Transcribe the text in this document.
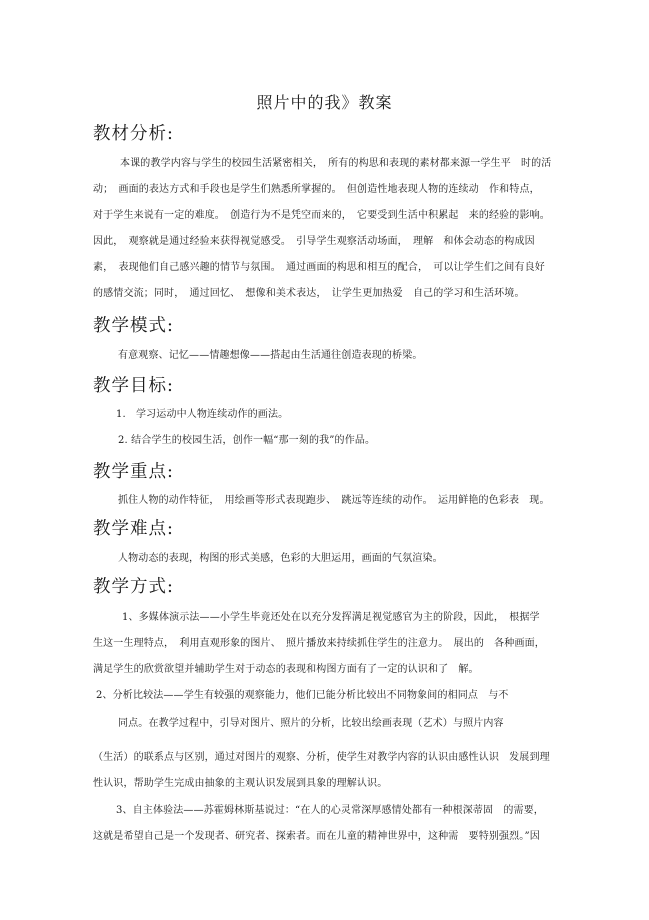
照片中的我》教案
教材分析:
本课的教学内容与学生的校园生活紧密相关，　所有的构思和表现的素材都来源一学生平　时的活
动；　画面的表达方式和手段也是学生们熟悉所掌握的。　但创造性地表现人物的连续动　作和特点，
对于学生来说有一定的难度。　创造行为不是凭空而来的，　它要受到生活中积累起　来的经验的影响。
因此，　观察就是通过经验来获得视觉感受。　引导学生观察活动场面，　理解　和体会动态的构成因
素，　表现他们自己感兴趣的情节与氛围。　通过画面的构思和相互的配合，　可以让学生们之间有良好
的感情交流；同时，　通过回忆、　想像和美术表达，　让学生更加热爱　自己的学习和生活环境。
教学模式:
有意观察、记忆——情趣想像——搭起由生活通往创造表现的桥梁。
教学目标:
1.　学习运动中人物连续动作的画法。
2. 结合学生的校园生活，创作一幅“那一刻的我”的作品。
教学重点:
抓住人物的动作特征，　用绘画等形式表现跑步、　跳远等连续的动作。　运用鲜艳的色彩表　现。
教学难点:
人物动态的表现，构图的形式美感，色彩的大胆运用，画面的气氛渲染。
教学方式:
1、多媒体演示法——小学生毕竟还处在以充分发挥满足视觉感官为主的阶段，因此，　根据学
生这一生理特点，　利用直观形象的图片、　照片播放来持续抓住学生的注意力。　展出的　各种画面，
满足学生的欣赏欲望并辅助学生对于动态的表现和构图方面有了一定的认识和了　解。
2、分析比较法——学生有较强的观察能力，他们已能分析比较出不同物象间的相同点　与不
同点。在教学过程中，引导对图片、照片的分析，比较出绘画表现（艺术）与照片内容
（生活）的联系点与区别，通过对图片的观察、分析，使学生对教学内容的认识由感性认识　发展到理
性认识，帮助学生完成由抽象的主观认识发展到具象的理解认识。
3、自主体验法——苏霍姆林斯基说过：“在人的心灵常深厚感情处都有一种根深蒂固　的需要，
这就是希望自己是一个发现者、研究者、探索者。而在儿童的精神世界中，这种需　要特别强烈。”因
